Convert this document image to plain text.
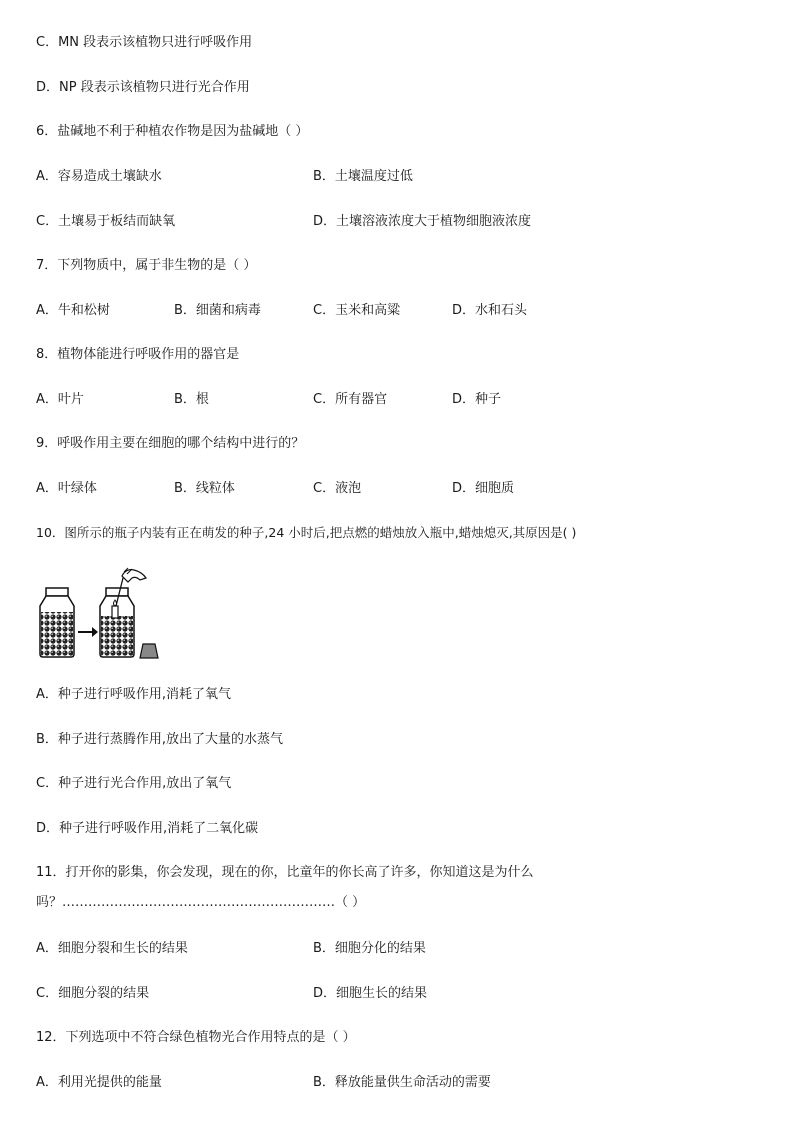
C．MN 段表示该植物只进行呼吸作用
D．NP 段表示该植物只进行光合作用
6．盐碱地不利于种植农作物是因为盐碱地（ ）
A．容易造成土壤缺水	B．土壤温度过低
C．土壤易于板结而缺氧	D．土壤溶液浓度大于植物细胞液浓度
7．下列物质中，属于非生物的是（ ）
A．牛和松树	B．细菌和病毒	C．玉米和高粱	D．水和石头
8．植物体能进行呼吸作用的器官是
A．叶片	B．根	C．所有器官	D．种子
9．呼吸作用主要在细胞的哪个结构中进行的？
A．叶绿体	B．线粒体	C．液泡	D．细胞质
10．图所示的瓶子内装有正在萌发的种子,24 小时后,把点燃的蜡烛放入瓶中,蜡烛熄灭,其原因是( )
A．种子进行呼吸作用,消耗了氧气
B．种子进行蒸腾作用,放出了大量的水蒸气
C．种子进行光合作用,放出了氧气
D．种子进行呼吸作用,消耗了二氧化碳
11．打开你的影集，你会发现，现在的你，比童年的你长高了许多，你知道这是为什么
吗？………………………………………………………（ ）
A．细胞分裂和生长的结果	B．细胞分化的结果
C．细胞分裂的结果	D．细胞生长的结果
12．下列选项中不符合绿色植物光合作用特点的是（ ）
A．利用光提供的能量	B．释放能量供生命活动的需要
